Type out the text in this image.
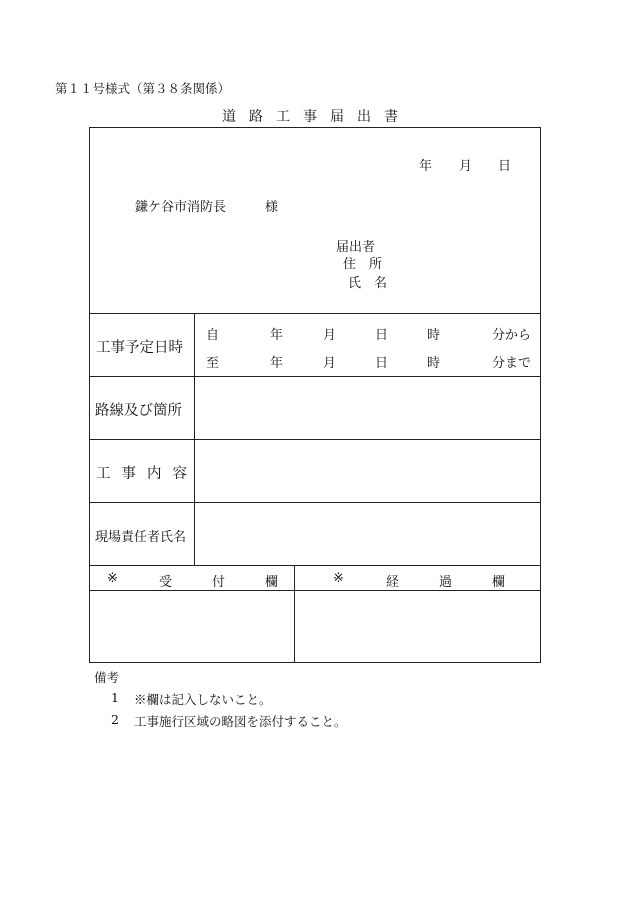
第１１号様式（第３８条関係）
道路工事届出書
年 月 日
鎌ケ谷市消防長	様
届出者
住　所
氏　名
工事予定日時
自	年	月	日	時	分から
至	年	月	日	時	分まで
路線及び箇所
工事内容
現場責任者氏名
※	受付欄 ※	経過欄
備考
1 ※欄は記入しないこと。
2 工事施行区域の略図を添付すること。
